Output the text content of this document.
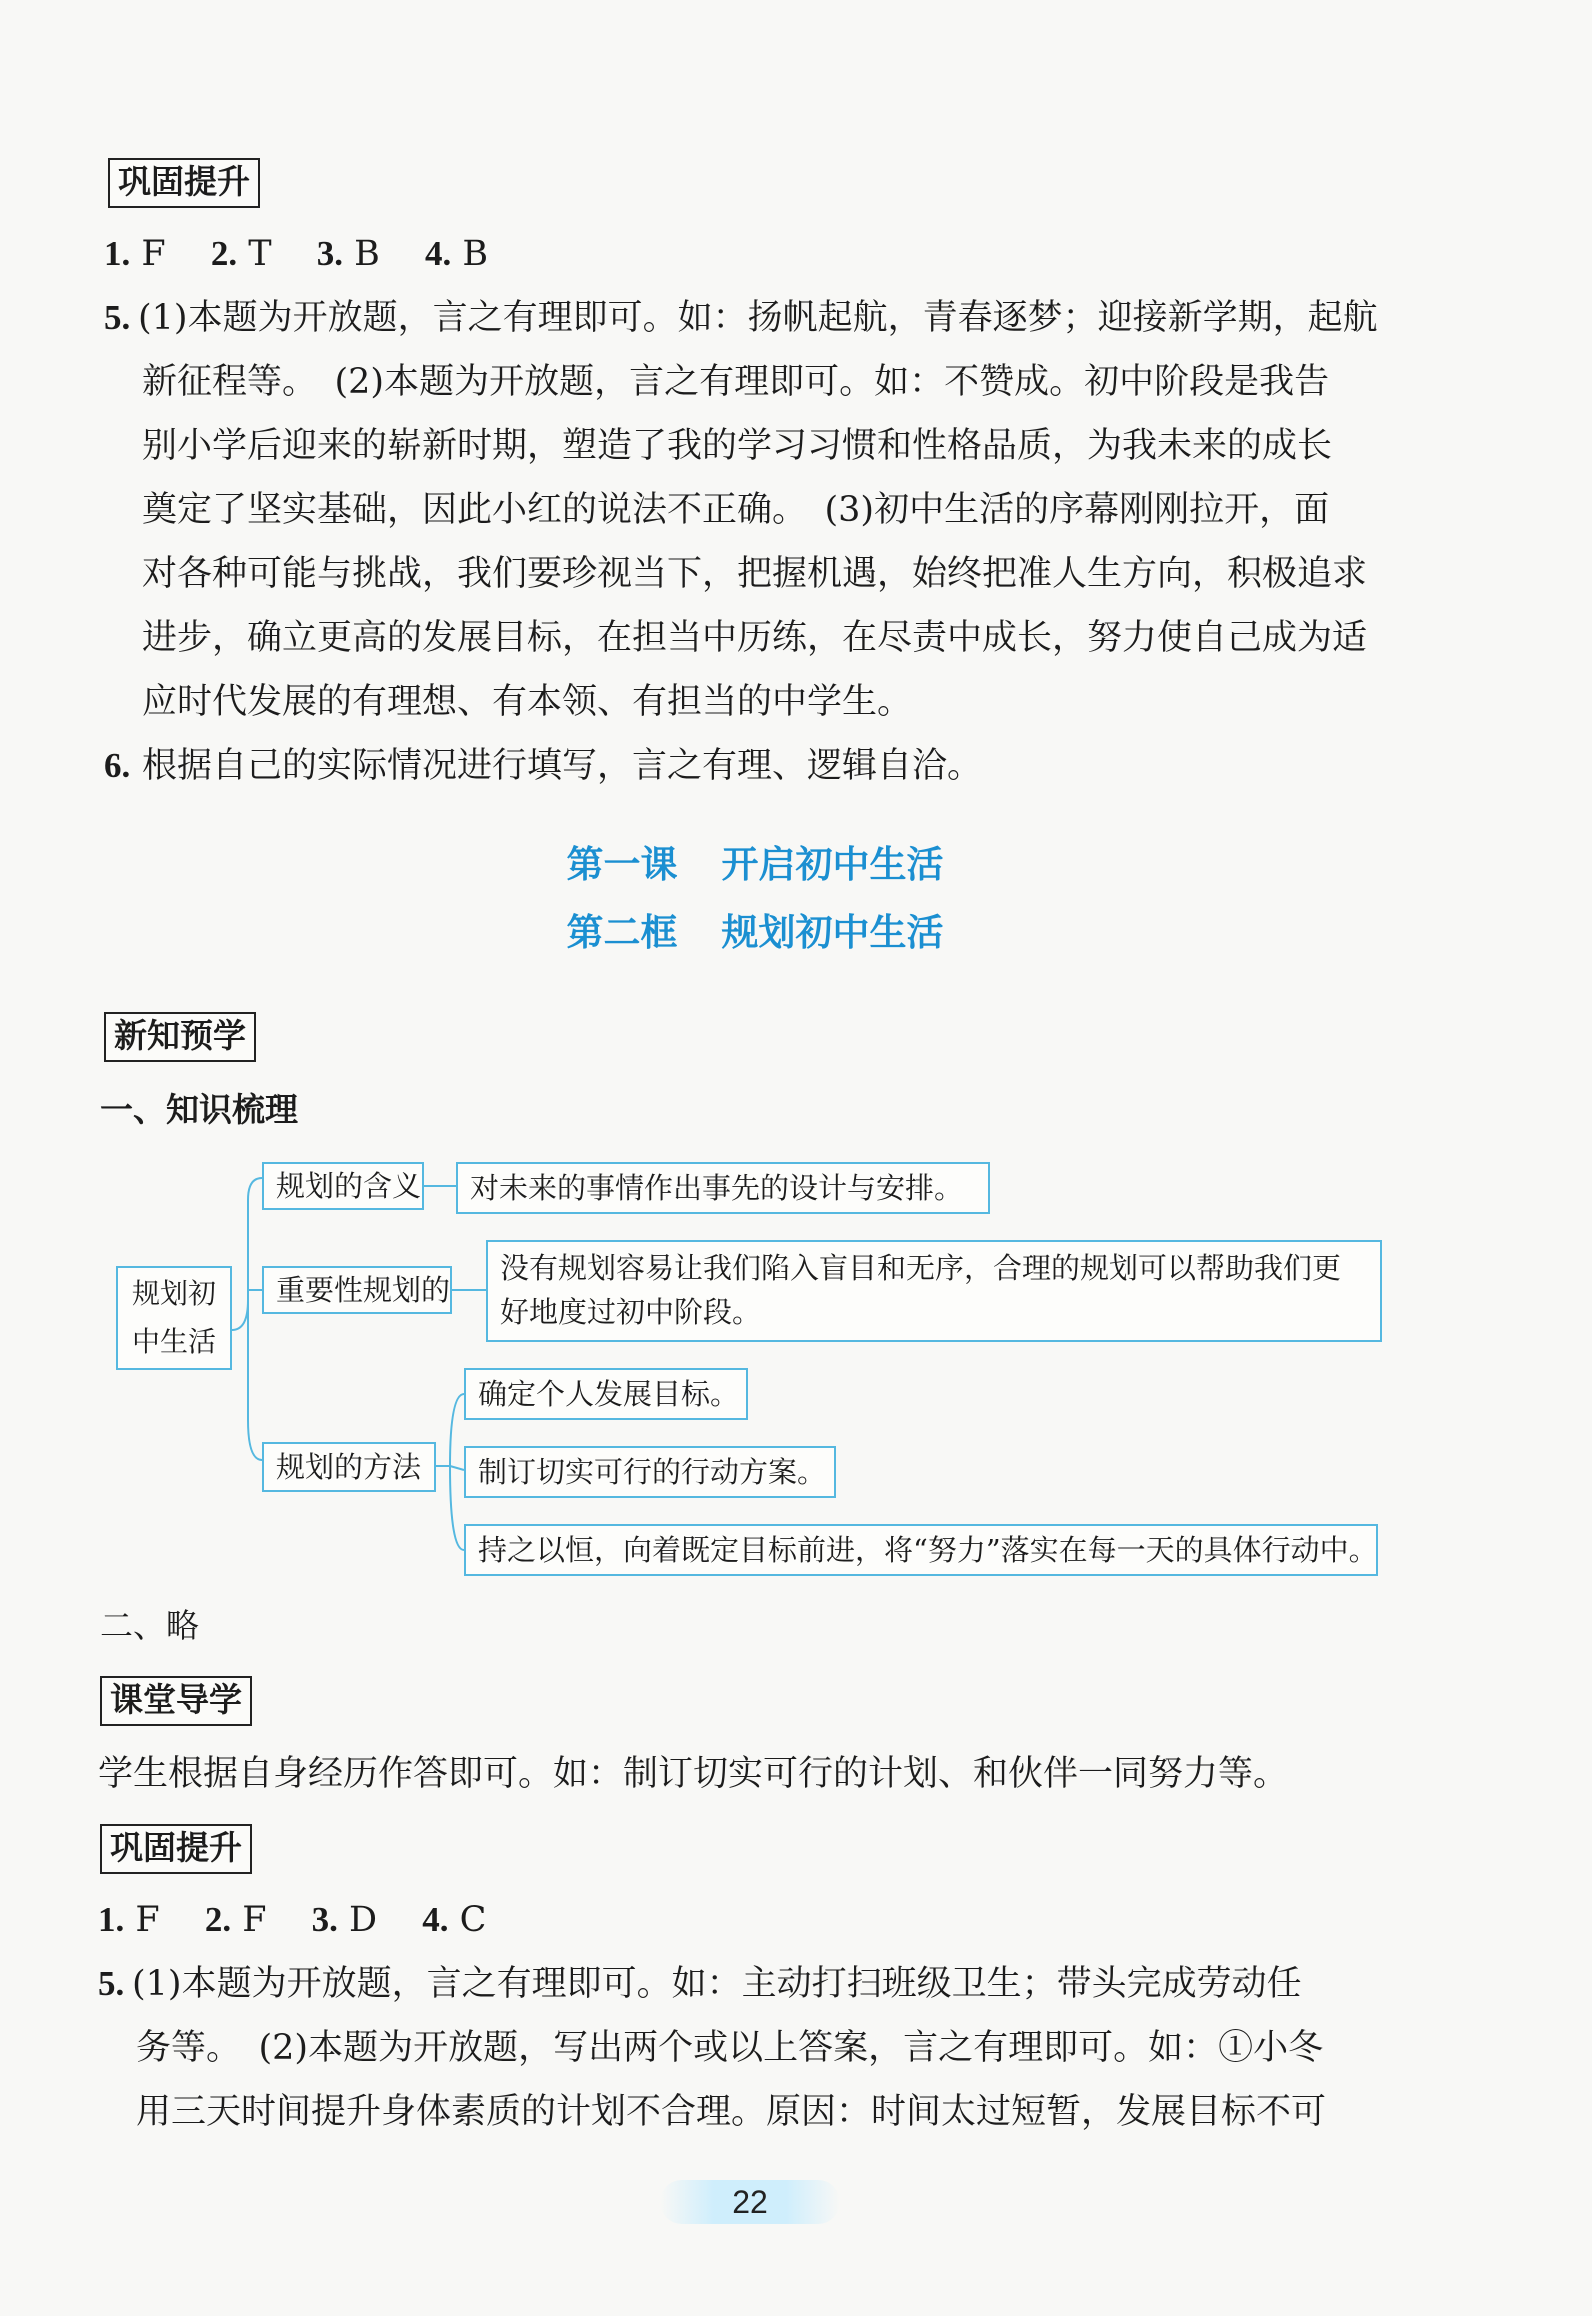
巩固提升
1. F 2. T 3. B 4. B
5. (1)本题为开放题，言之有理即可。如：扬帆起航，青春逐梦；迎接新学期，起航
新征程等。　(2)本题为开放题，言之有理即可。如：不赞成。初中阶段是我告
别小学后迎来的崭新时期，塑造了我的学习习惯和性格品质，为我未来的成长
奠定了坚实基础，因此小红的说法不正确。　(3)初中生活的序幕刚刚拉开，面
对各种可能与挑战，我们要珍视当下，把握机遇，始终把准人生方向，积极追求
进步，确立更高的发展目标，在担当中历练，在尽责中成长，努力使自己成为适
应时代发展的有理想、有本领、有担当的中学生。
6. 根据自己的实际情况进行填写，言之有理、逻辑自洽。
第一课 开启初中生活
第二框 规划初中生活
新知预学
一、知识梳理
规划初中生活
规划的含义	对未来的事情作出事先的设计与安排。
重要性规划的
没有规划容易让我们陷入盲目和无序，合理的规划可以帮助我们更好地度过初中阶段。
规划的方法
确定个人发展目标。
制订切实可行的行动方案。
持之以恒，向着既定目标前进，将“努力”落实在每一天的具体行动中。
二、略
课堂导学
学生根据自身经历作答即可。如：制订切实可行的计划、和伙伴一同努力等。
巩固提升
1. F 2. F 3. D 4. C
5. (1)本题为开放题，言之有理即可。如：主动打扫班级卫生；带头完成劳动任
务等。　(2)本题为开放题，写出两个或以上答案，言之有理即可。如：①小冬
用三天时间提升身体素质的计划不合理。原因：时间太过短暂，发展目标不可
22
